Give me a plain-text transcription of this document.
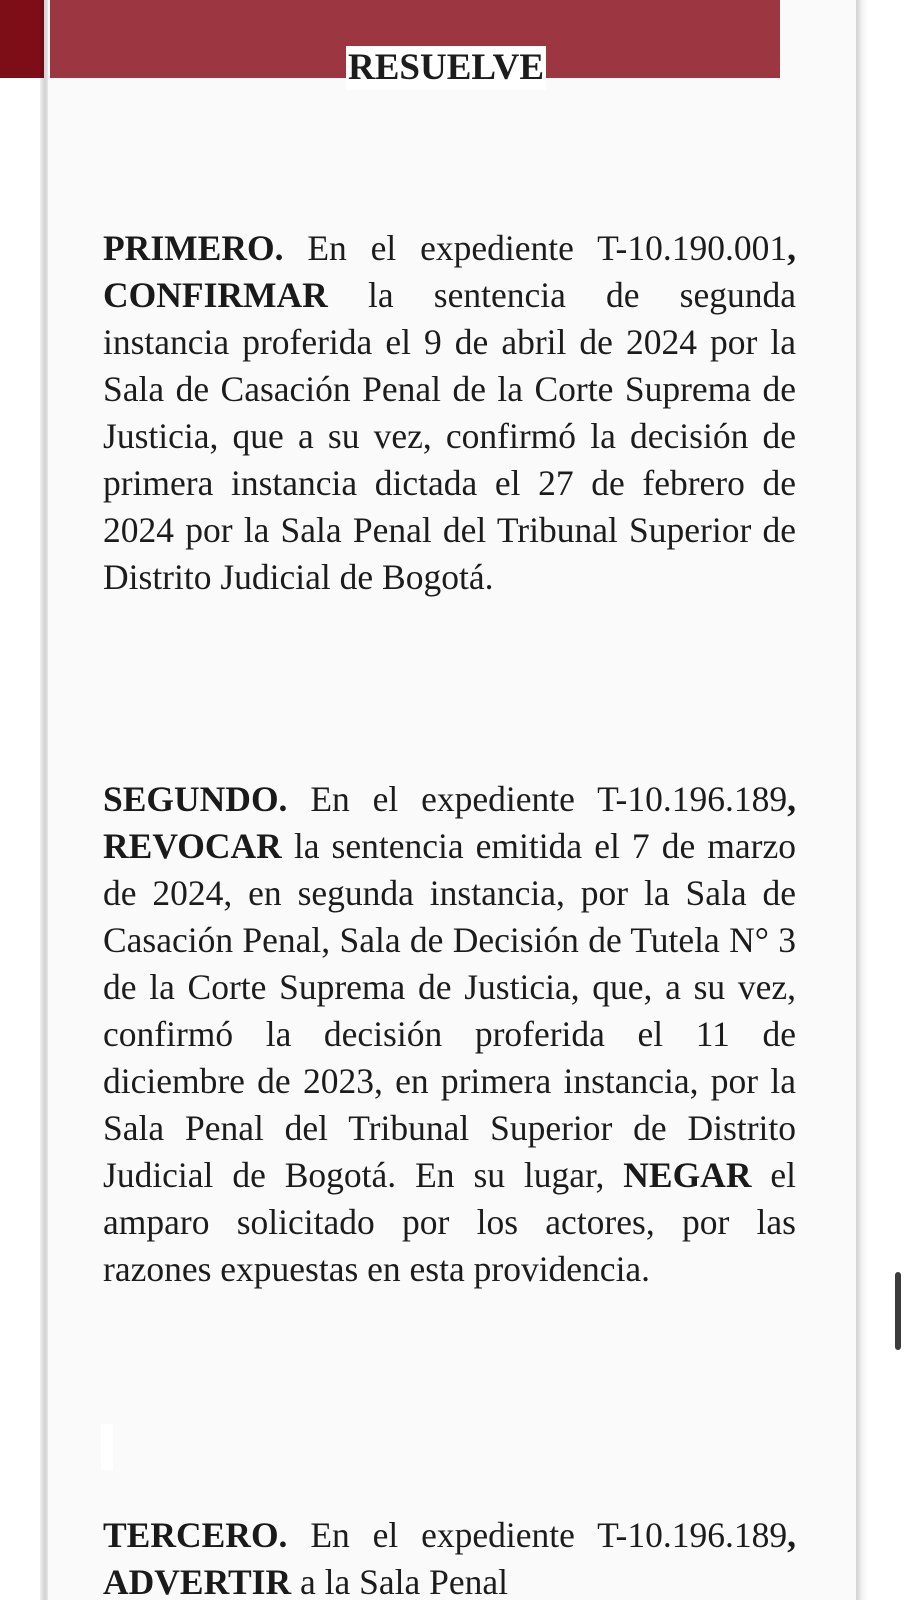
RESUELVE

PRIMERO. En el expediente T-10.190.001, CONFIRMAR la sentencia de segunda instancia proferida el 9 de abril de 2024 por la Sala de Casación Penal de la Corte Suprema de Justicia, que a su vez, confirmó la decisión de primera instancia dictada el 27 de febrero de 2024 por la Sala Penal del Tribunal Superior de Distrito Judicial de Bogotá.

SEGUNDO. En el expediente T-10.196.189, REVOCAR la sentencia emitida el 7 de marzo de 2024, en segunda instancia, por la Sala de Casación Penal, Sala de Decisión de Tutela N° 3 de la Corte Suprema de Justicia, que, a su vez, confirmó la decisión proferida el 11 de diciembre de 2023, en primera instancia, por la Sala Penal del Tribunal Superior de Distrito Judicial de Bogotá. En su lugar, NEGAR el amparo solicitado por los actores, por las razones expuestas en esta providencia.

TERCERO. En el expediente T-10.196.189, ADVERTIR a la Sala Penal
